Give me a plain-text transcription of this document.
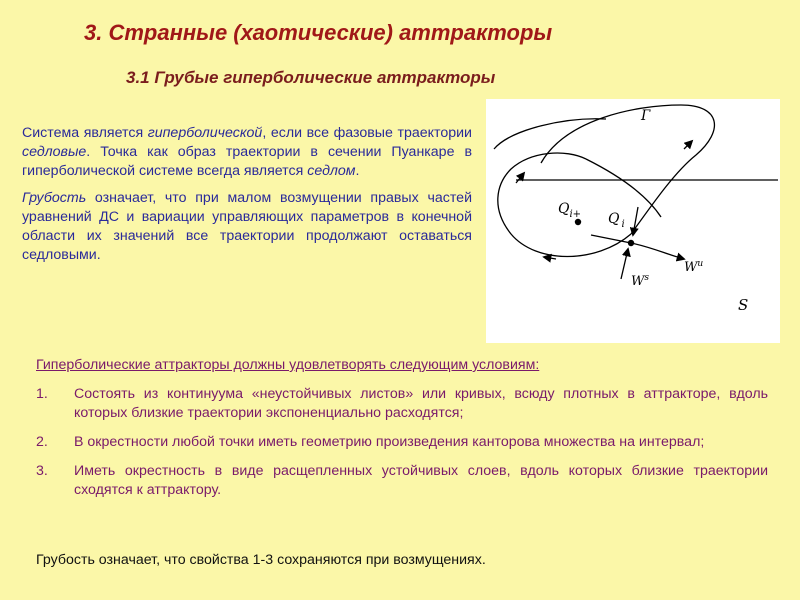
3. Странные (хаотические) аттракторы
3.1 Грубые гиперболические аттракторы

Система является гиперболической, если все фазовые траектории седловые. Точка как образ траектории в сечении Пуанкаре в гиперболической системе всегда является седлом.

Грубость означает, что при малом возмущении правых частей уравнений ДС и вариации управляющих параметров в конечной области их значений все траектории продолжают оставаться седловыми.

Г
$Q_{i+}$ Q $_i$
$W^u$
$W^s$
S

Гиперболические аттракторы должны удовлетворять следующим условиям:

1.	Состоять из континуума «неустойчивых листов» или кривых, всюду плотных в аттракторе, вдоль которых близкие траектории экспоненциально расходятся;
2.	В окрестности любой точки иметь геометрию произведения канторова множества на интервал;
3.	Иметь окрестность в виде расщепленных устойчивых слоев, вдоль которых близкие траектории сходятся к аттрактору.
Грубость означает, что свойства 1-3 сохраняются при возмущениях.
